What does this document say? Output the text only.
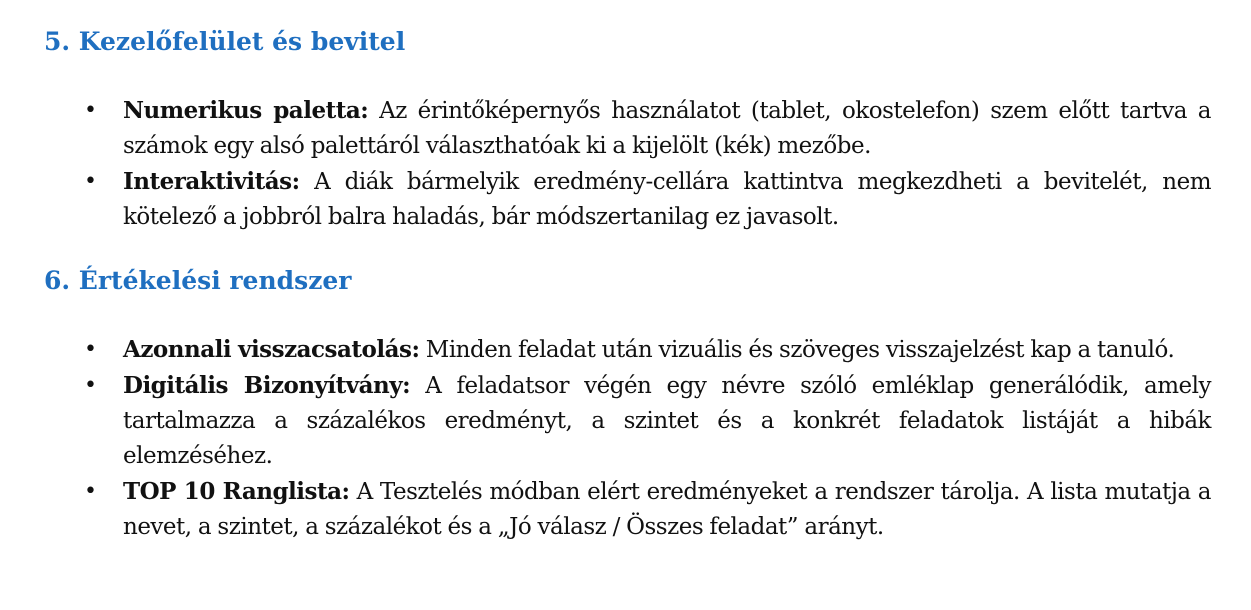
5. Kezelőfelület és bevitel
• Numerikus paletta: Az érintőképernyős használatot (tablet, okostelefon) szem előtt tartva a számok egy alsó palettáról választhatóak ki a kijelölt (kék) mezőbe.
• Interaktivitás: A diák bármelyik eredmény-cellára kattintva megkezdheti a bevitelét, nem kötelező a jobbról balra haladás, bár módszertanilag ez javasolt.
6. Értékelési rendszer
• Azonnali visszacsatolás: Minden feladat után vizuális és szöveges visszajelzést kap a tanuló.
• Digitális Bizonyítvány: A feladatsor végén egy névre szóló emléklap generálódik, amely tartalmazza a százalékos eredményt, a szintet és a konkrét feladatok listáját a hibák elemzéséhez.
• TOP 10 Ranglista: A Tesztelés módban elért eredményeket a rendszer tárolja. A lista mutatja a nevet, a szintet, a százalékot és a „Jó válasz / Összes feladat” arányt.
